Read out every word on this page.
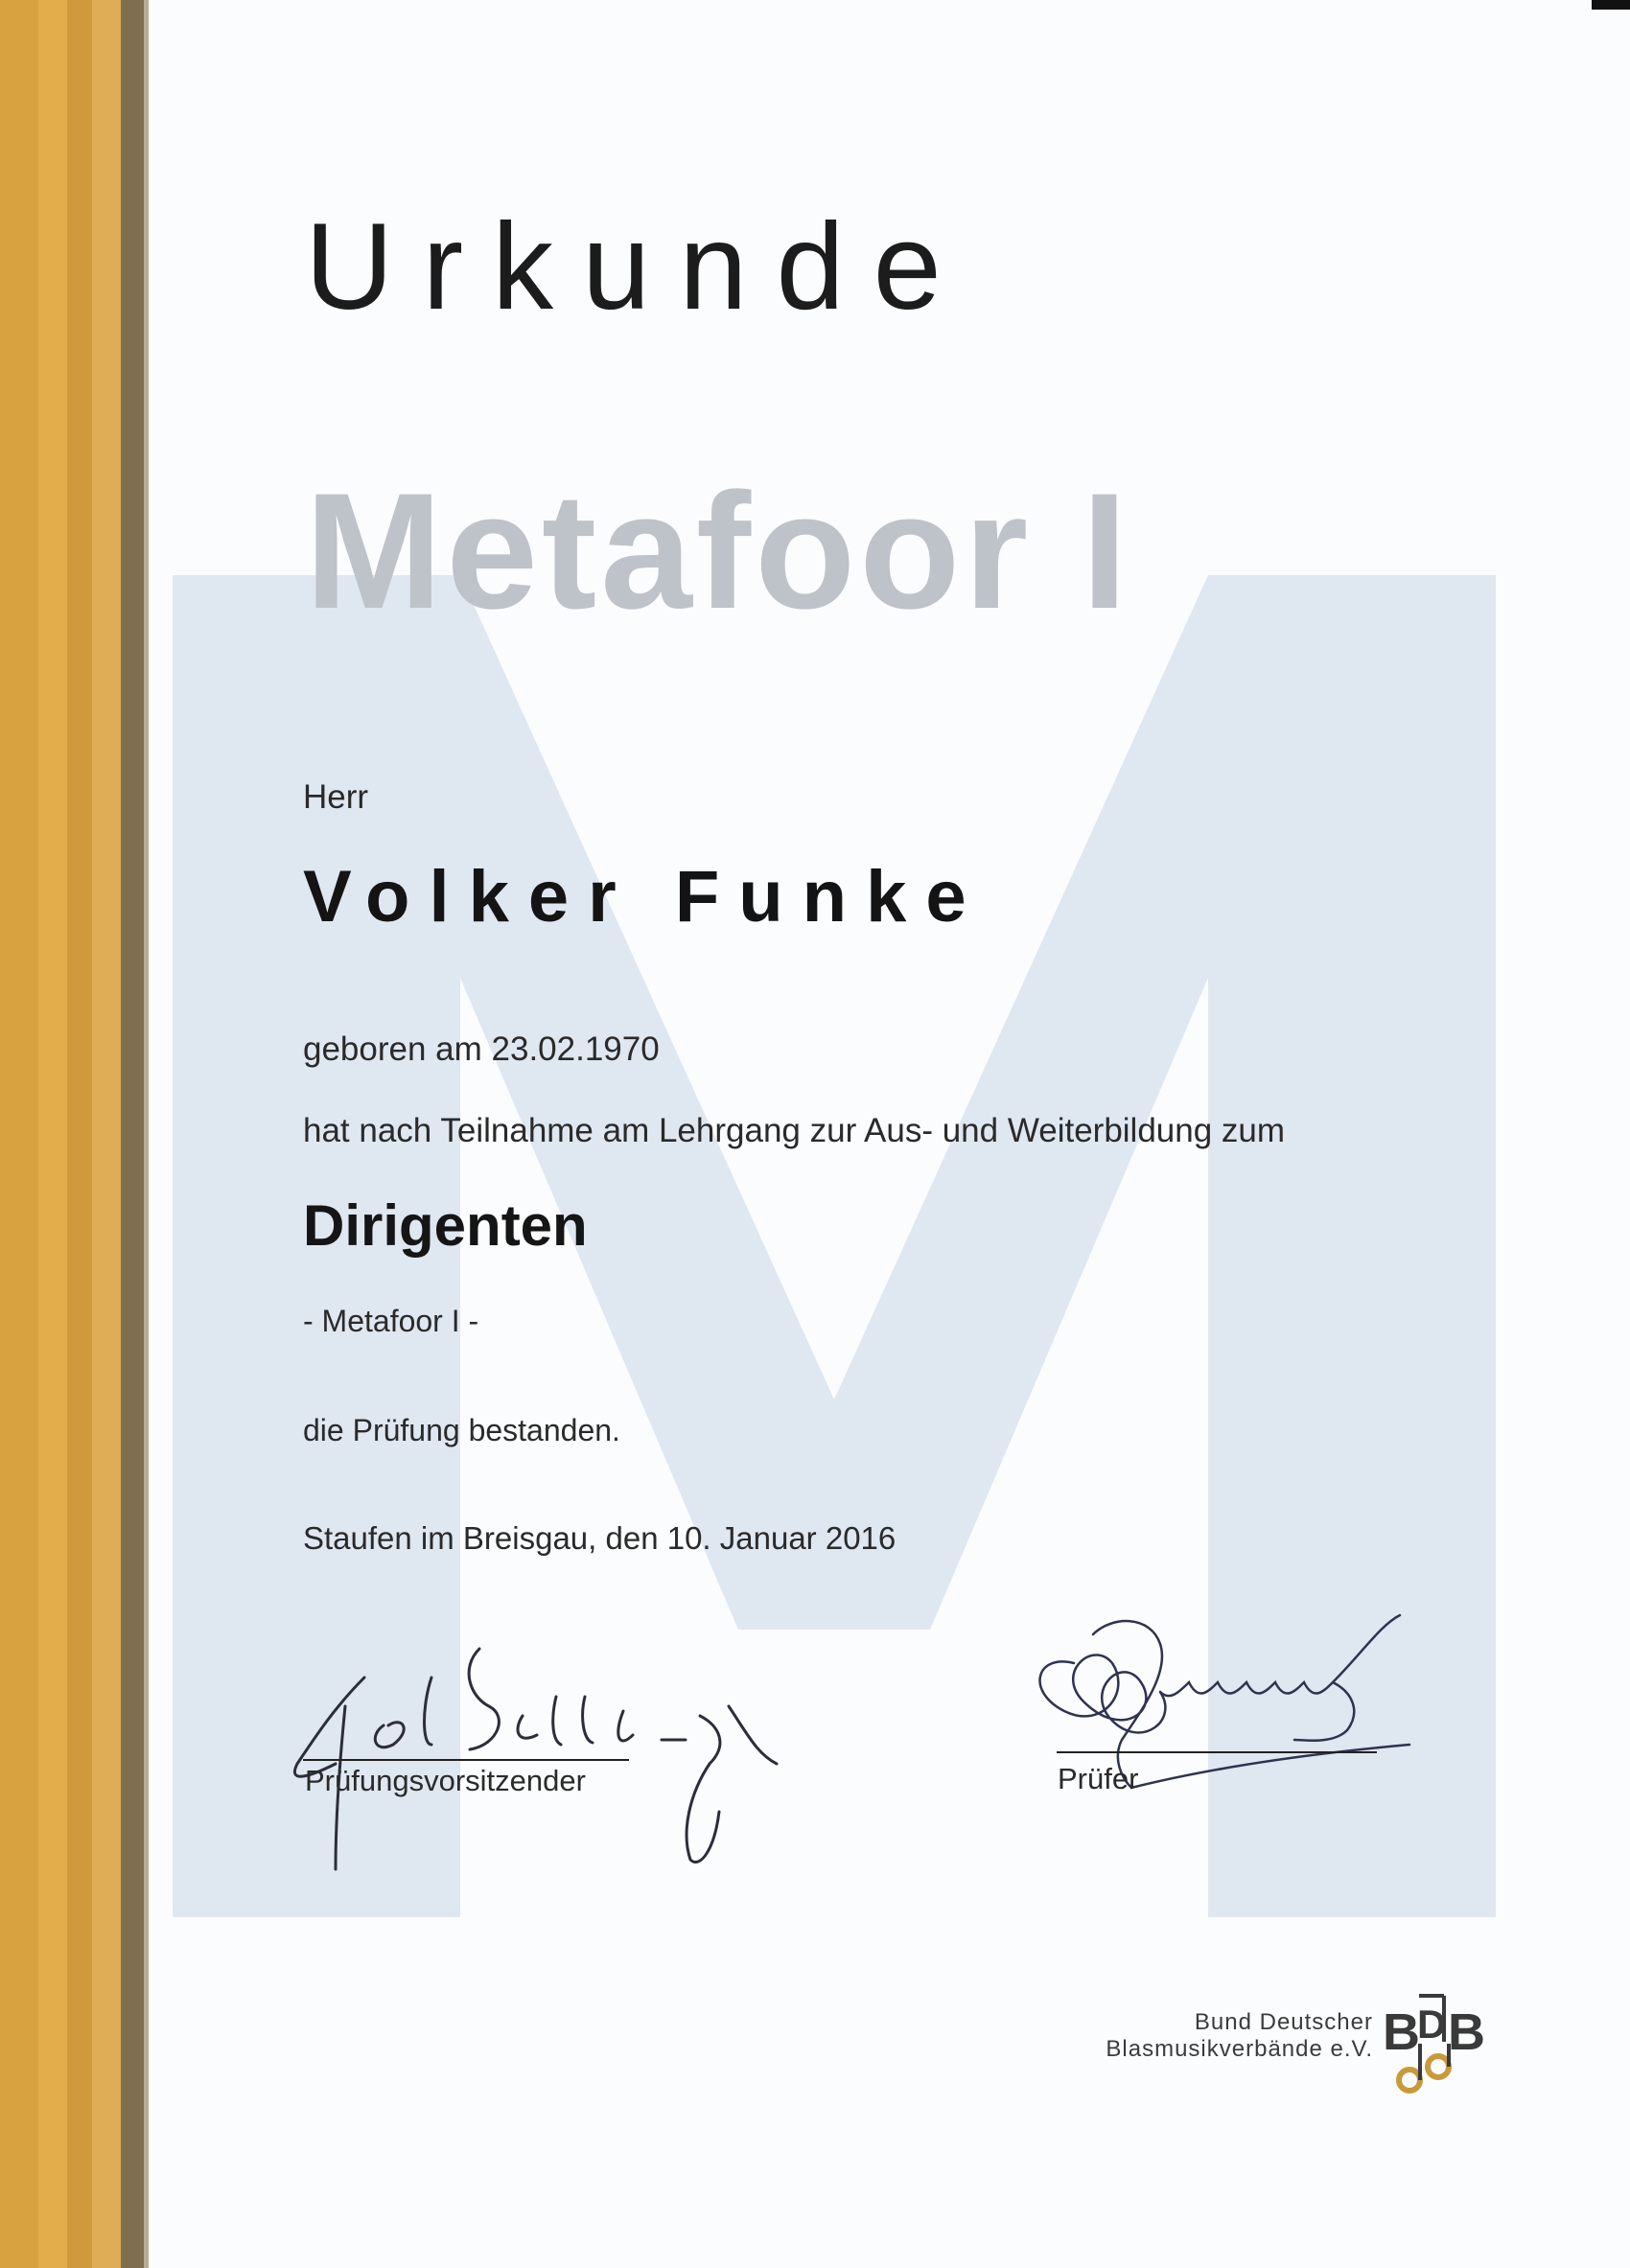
Urkunde
Metafoor I
Herr
Volker Funke
geboren am 23.02.1970
hat nach Teilnahme am Lehrgang zur Aus- und Weiterbildung zum
Dirigenten
- Metafoor I -
die Prüfung bestanden.
Staufen im Breisgau, den 10. Januar 2016
Prüfungsvorsitzender	Prüfer
Bund Deutscher
Blasmusikverbände e.V. B B
D
